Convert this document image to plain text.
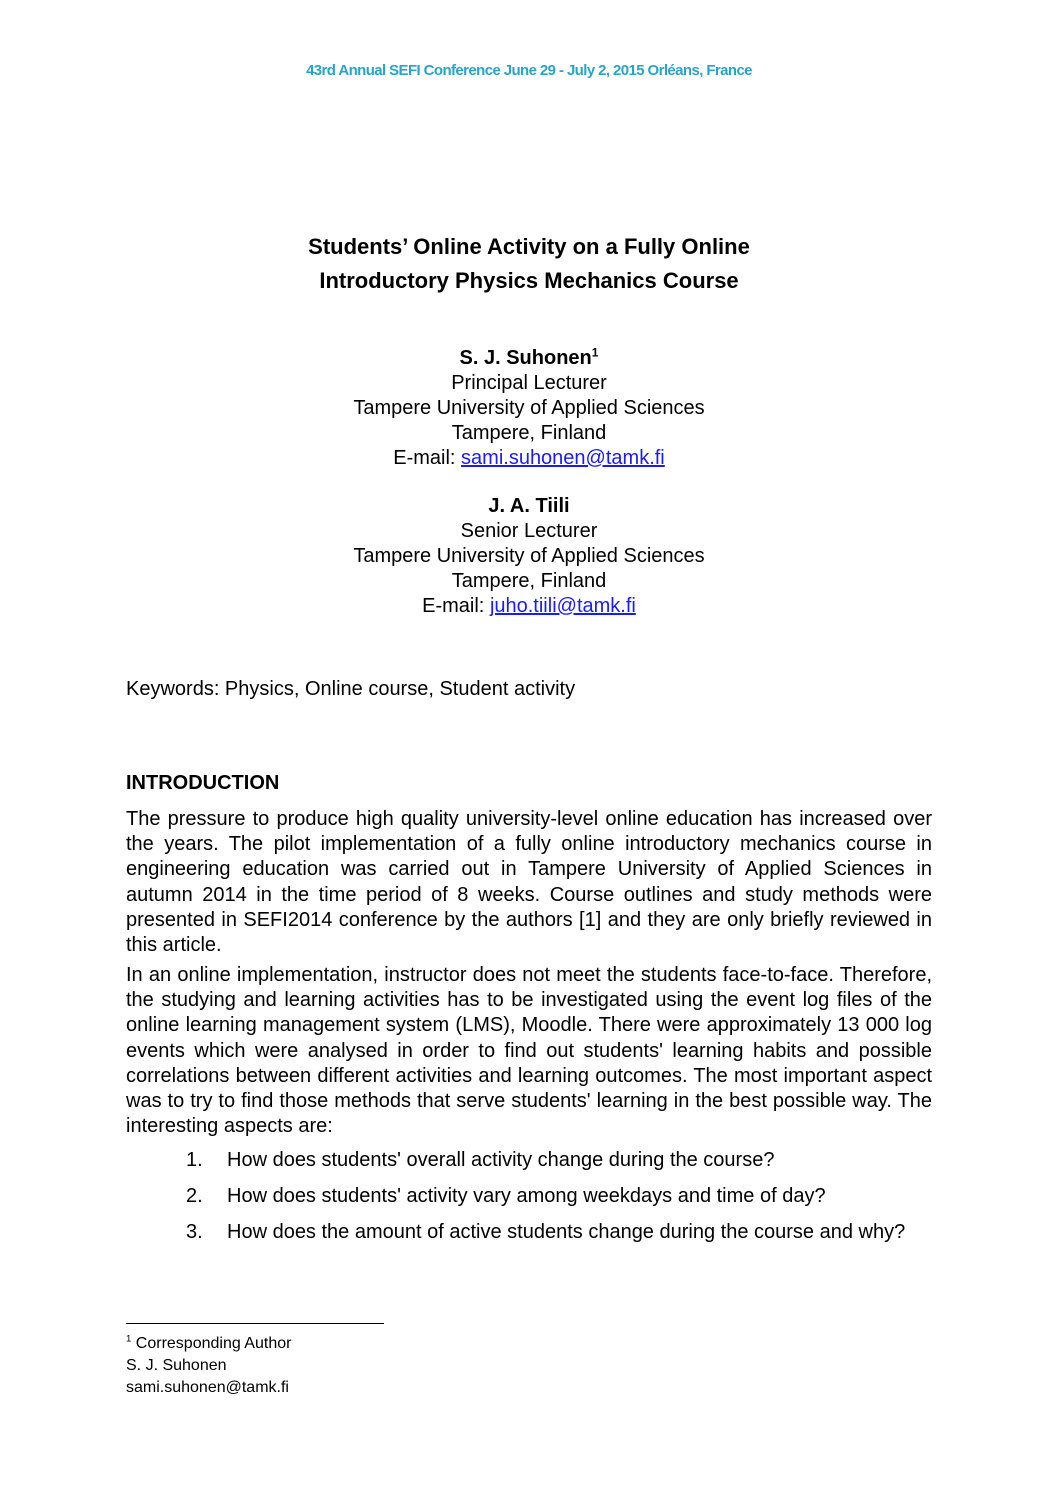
43rd Annual SEFI Conference June 29 - July 2, 2015 Orléans, France
Students’ Online Activity on a Fully Online
Introductory Physics Mechanics Course
S. J. Suhonen$^1$
Principal Lecturer
Tampere University of Applied Sciences
Tampere, Finland
E-mail: sami.suhonen@tamk.fi
J. A. Tiili
Senior Lecturer
Tampere University of Applied Sciences
Tampere, Finland
E-mail: juho.tiili@tamk.fi
Keywords: Physics, Online course, Student activity
INTRODUCTION
The pressure to produce high quality university-level online education has increased over the years. The pilot implementation of a fully online introductory mechanics course in engineering education was carried out in Tampere University of Applied Sciences in autumn 2014 in the time period of 8 weeks. Course outlines and study methods were presented in SEFI2014 conference by the authors [1] and they are only briefly reviewed in this article.
In an online implementation, instructor does not meet the students face-to-face. Therefore, the studying and learning activities has to be investigated using the event log files of the online learning management system (LMS), Moodle. There were approximately 13 000 log events which were analysed in order to find out students' learning habits and possible correlations between different activities and learning outcomes. The most important aspect was to try to find those methods that serve students' learning in the best possible way. The interesting aspects are:
1.	How does students' overall activity change during the course?
2.	How does students' activity vary among weekdays and time of day?
3.	How does the amount of active students change during the course and why?
$^1$ Corresponding Author
S. J. Suhonen
sami.suhonen@tamk.fi
